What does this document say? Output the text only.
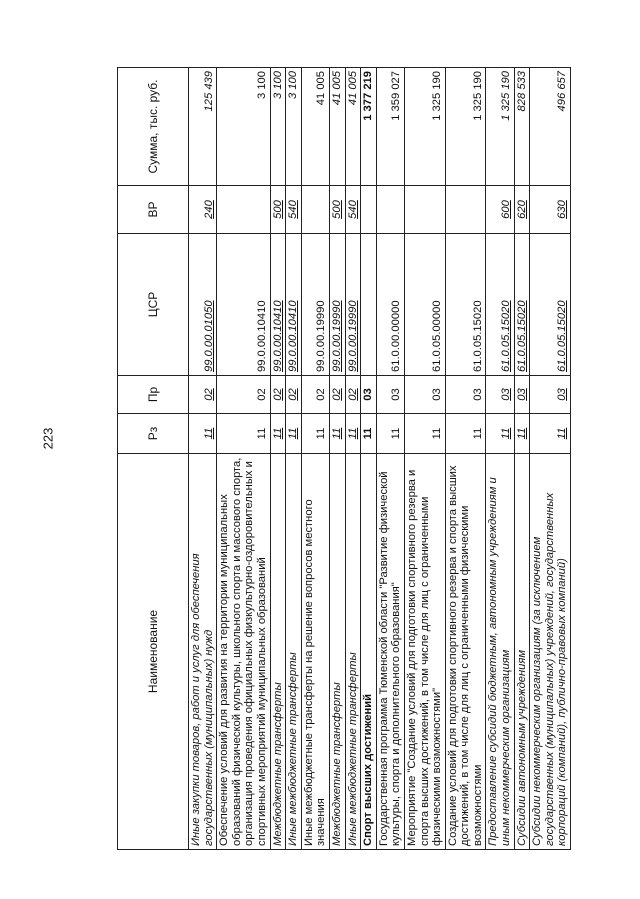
223
Наименование	Рз	Пр	ЦСР	ВР	Сумма, тыс. руб.
Иные закупки товаров, работ и услуг для обеспечения государственных (муниципальных) нужд	11	02	99.0.00.01050	240	125 439
Обеспечение условий для развития на территории муниципальных образований физической культуры, школьного спорта и массового спорта, организация проведения официальных физкультурно-оздоровительных и спортивных мероприятий муниципальных образований	11	02	99.0.00.10410		3 100
Межбюджетные трансферты	11	02	99.0.00.10410	500	3 100
Иные межбюджетные трансферты	11	02	99.0.00.10410	540	3 100
Иные межбюджетные трансферты на решение вопросов местного значения	11	02	99.0.00.19990		41 005
Межбюджетные трансферты	11	02	99.0.00.19990	500	41 005
Иные межбюджетные трансферты	11	02	99.0.00.19990	540	41 005
Спорт высших достижений	11	03			1 377 219
Государственная программа Тюменской области "Развитие физической культуры, спорта и дополнительного образования"	11	03	61.0.00.00000		1 359 027
Мероприятие "Создание условий для подготовки спортивного резерва и спорта высших достижений, в том числе для лиц с ограниченными физическими возможностями"	11	03	61.0.05.00000		1 325 190
Создание условий для подготовки спортивного резерва и спорта высших достижений, в том числе для лиц с ограниченными физическими возможностями	11	03	61.0.05.15020		1 325 190
Предоставление субсидий бюджетным, автономным учреждениям и иным некоммерческим организациям	11	03	61.0.05.15020	600	1 325 190
Субсидии автономным учреждениям	11	03	61.0.05.15020	620	828 533
Субсидии некоммерческим организациям (за исключением государственных (муниципальных) учреждений, государственных корпораций (компаний), публично-правовых компаний)	11	03	61.0.05.15020	630	496 657
